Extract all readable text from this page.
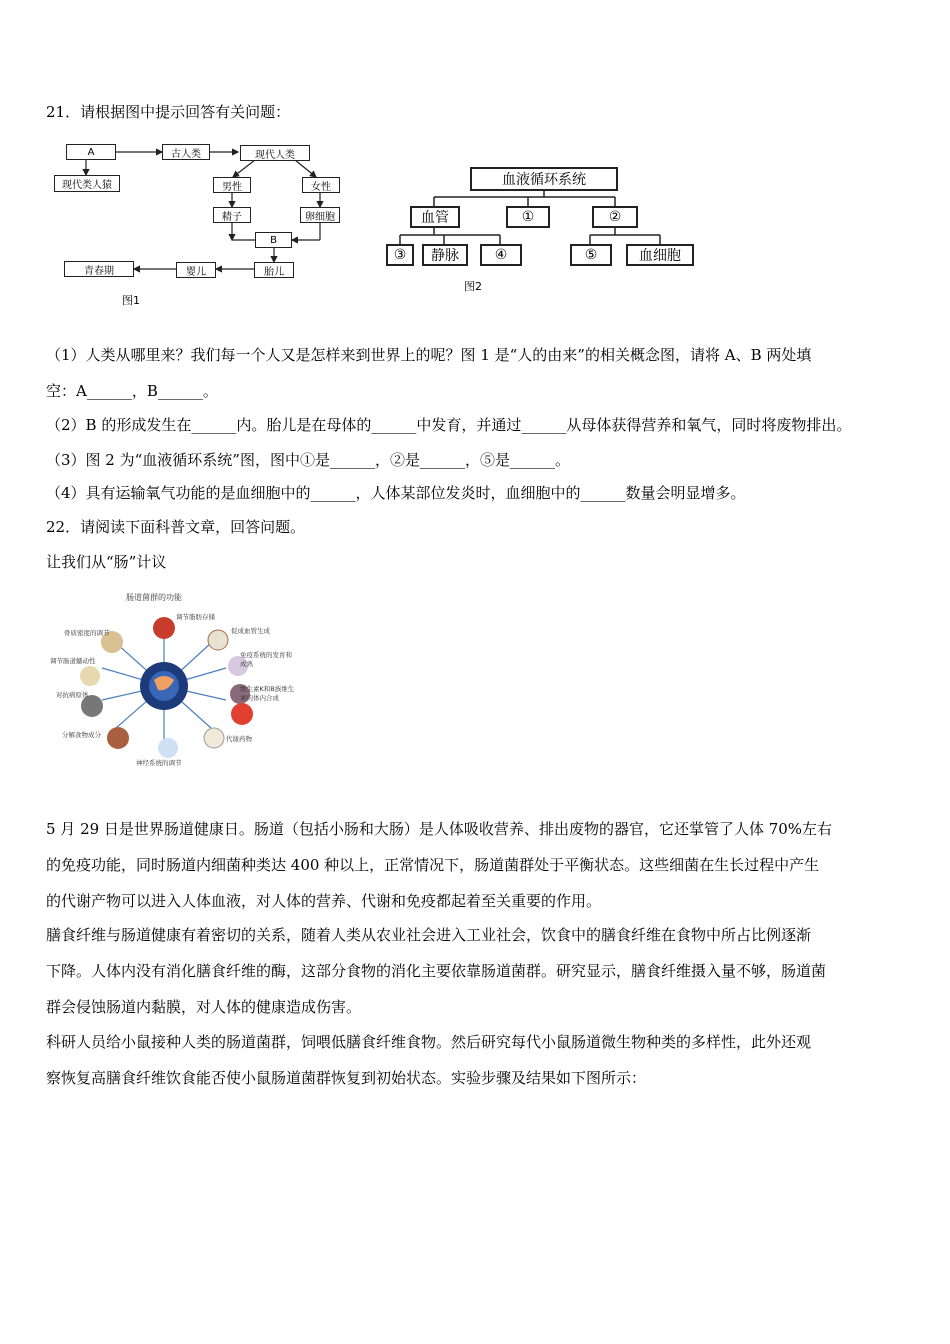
21．请根据图中提示回答有关问题：
A	古人类	现代人类
现代类人猿	男性	女性
精子	卵细胞
B
胎儿
婴儿
青春期
图1
血液循环系统
血管	①	②
③	静脉	④	⑤	血细胞
图2
（1）人类从哪里来？我们每一个人又是怎样来到世界上的呢？图 1 是“人的由来”的相关概念图，请将 A、B 两处填
空：A______，B______。
（2）B 的形成发生在______内。胎儿是在母体的______中发育，并通过______从母体获得营养和氧气，同时将废物排出。
（3）图 2 为“血液循环系统”图，图中①是______，②是______，⑤是______。
（4）具有运输氧气功能的是血细胞中的______，人体某部位发炎时，血细胞中的______数量会明显增多。
22．请阅读下面科普文章，回答问题。
让我们从“肠”计议
肠道菌群的功能
调节脂肪存储
促成血管生成
免疫系统的发育和成熟
维生素K和B族维生素的体内合成
代谢药物
神经系统的调节
分解食物成分
对抗病原体
调节肠道蠕动性
骨质密度的调节
5 月 29 日是世界肠道健康日。肠道（包括小肠和大肠）是人体吸收营养、排出废物的器官，它还掌管了人体 70%左右
的免疫功能，同时肠道内细菌种类达 400 种以上，正常情况下，肠道菌群处于平衡状态。这些细菌在生长过程中产生
的代谢产物可以进入人体血液，对人体的营养、代谢和免疫都起着至关重要的作用。
膳食纤维与肠道健康有着密切的关系，随着人类从农业社会进入工业社会，饮食中的膳食纤维在食物中所占比例逐渐
下降。人体内没有消化膳食纤维的酶，这部分食物的消化主要依靠肠道菌群。研究显示，膳食纤维摄入量不够，肠道菌
群会侵蚀肠道内黏膜，对人体的健康造成伤害。
科研人员给小鼠接种人类的肠道菌群，饲喂低膳食纤维食物。然后研究每代小鼠肠道微生物种类的多样性，此外还观
察恢复高膳食纤维饮食能否使小鼠肠道菌群恢复到初始状态。实验步骤及结果如下图所示：
